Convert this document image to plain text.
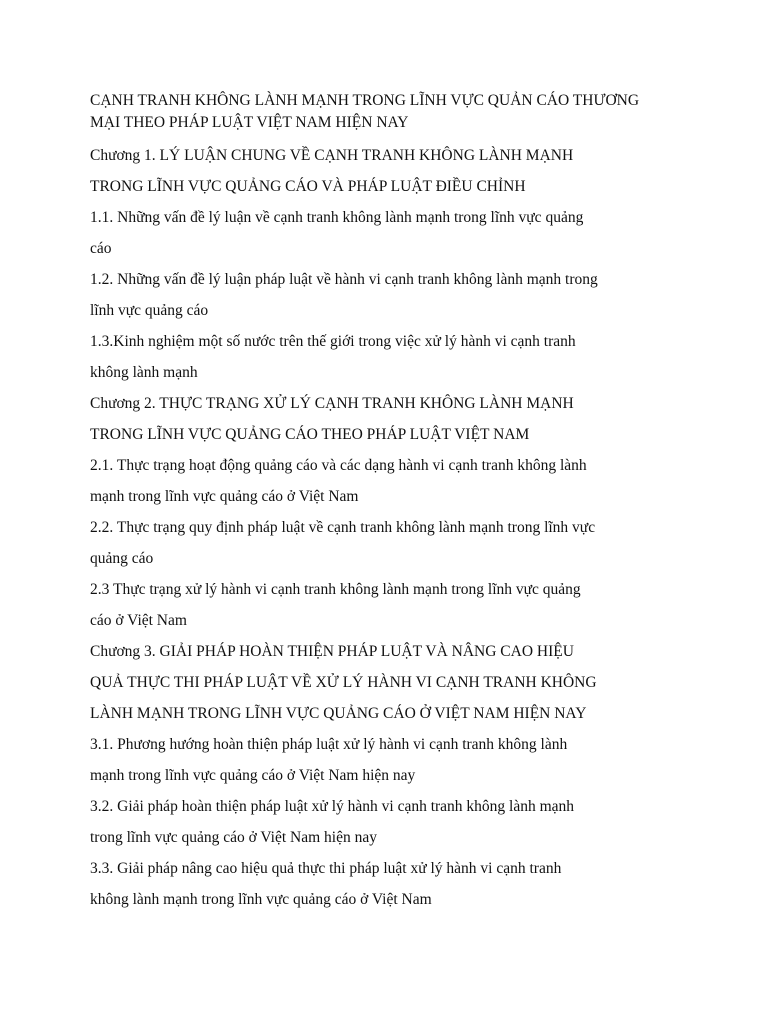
CẠNH TRANH KHÔNG LÀNH MẠNH TRONG LĨNH VỰC QUẢN CÁO THƯƠNG
MẠI THEO PHÁP LUẬT VIỆT NAM HIỆN NAY
Chương 1. LÝ LUẬN CHUNG VỀ CẠNH TRANH KHÔNG LÀNH MẠNH
TRONG LĨNH VỰC QUẢNG CÁO VÀ PHÁP LUẬT ĐIỀU CHỈNH
1.1. Những vấn đề lý luận về cạnh tranh không lành mạnh trong lĩnh vực quảng
cáo
1.2. Những vấn đề lý luận pháp luật về hành vi cạnh tranh không lành mạnh trong
lĩnh vực quảng cáo
1.3.Kinh nghiệm một số nước trên thế giới trong việc xử lý hành vi cạnh tranh
không lành mạnh
Chương 2. THỰC TRẠNG XỬ LÝ CẠNH TRANH KHÔNG LÀNH MẠNH
TRONG LĨNH VỰC QUẢNG CÁO THEO PHÁP LUẬT VIỆT NAM
2.1. Thực trạng hoạt động quảng cáo và các dạng hành vi cạnh tranh không lành
mạnh trong lĩnh vực quảng cáo ở Việt Nam
2.2. Thực trạng quy định pháp luật về cạnh tranh không lành mạnh trong lĩnh vực
quảng cáo
2.3 Thực trạng xử lý hành vi cạnh tranh không lành mạnh trong lĩnh vực quảng
cáo ở Việt Nam
Chương 3. GIẢI PHÁP HOÀN THIỆN PHÁP LUẬT VÀ NÂNG CAO HIỆU
QUẢ THỰC THI PHÁP LUẬT VỀ XỬ LÝ HÀNH VI CẠNH TRANH KHÔNG
LÀNH MẠNH TRONG LĨNH VỰC QUẢNG CÁO Ở VIỆT NAM HIỆN NAY
3.1. Phương hướng hoàn thiện pháp luật xử lý hành vi cạnh tranh không lành
mạnh trong lĩnh vực quảng cáo ở Việt Nam hiện nay
3.2. Giải pháp hoàn thiện pháp luật xử lý hành vi cạnh tranh không lành mạnh
trong lĩnh vực quảng cáo ở Việt Nam hiện nay
3.3. Giải pháp nâng cao hiệu quả thực thi pháp luật xử lý hành vi cạnh tranh
không lành mạnh trong lĩnh vực quảng cáo ở Việt Nam
